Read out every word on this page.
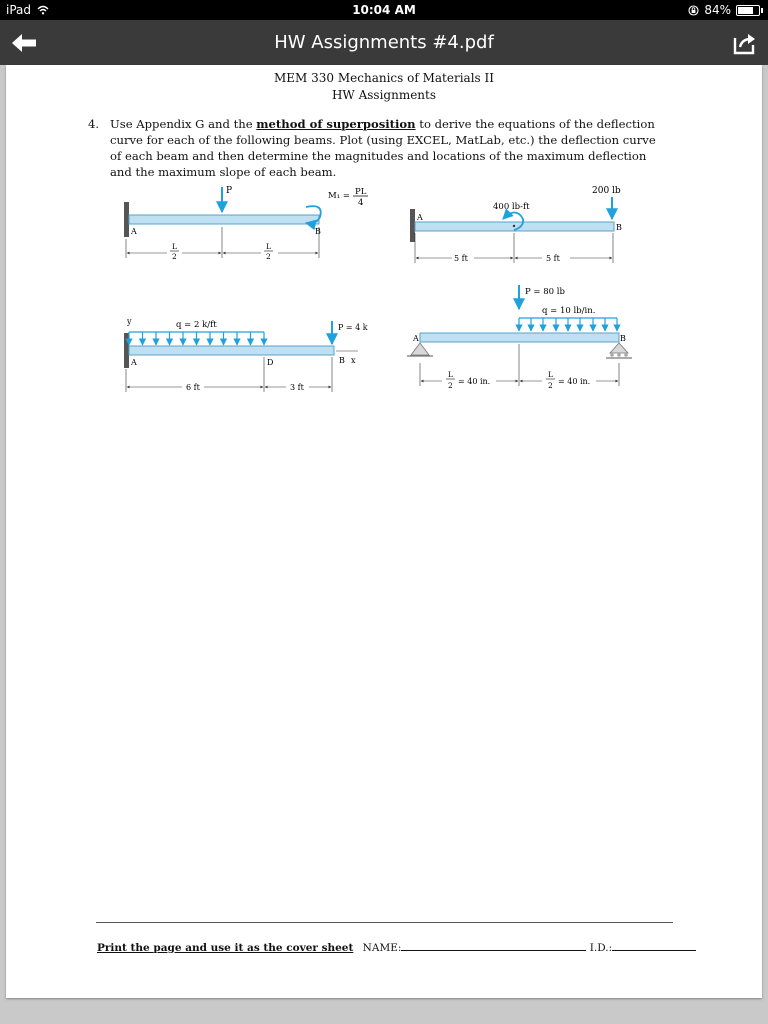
iPad	10:04 AM	84%
HW Assignments #4.pdf
MEM 330 Mechanics of Materials II
HW Assignments
4. Use Appendix G and the method of superposition to derive the equations of the deflection curve for each of the following beams. Plot (using EXCEL, MatLab, etc.) the deflection curve of each beam and then determine the magnitudes and locations of the maximum deflection and the maximum slope of each beam.

P	M₁ = PL
4
A	B
L
2
L
2
200 lb
400 lb-ft
A
B
5 ft	5 ft
y	q = 2 k/ft	P = 4 k
A	D	B x
6 ft	3 ft
P = 80 lb
q = 10 lb/in.
A	B
L
2 = 40 in.
L
2 = 40 in.
Print the page and use it as the cover sheet NAME:	I.D.:
